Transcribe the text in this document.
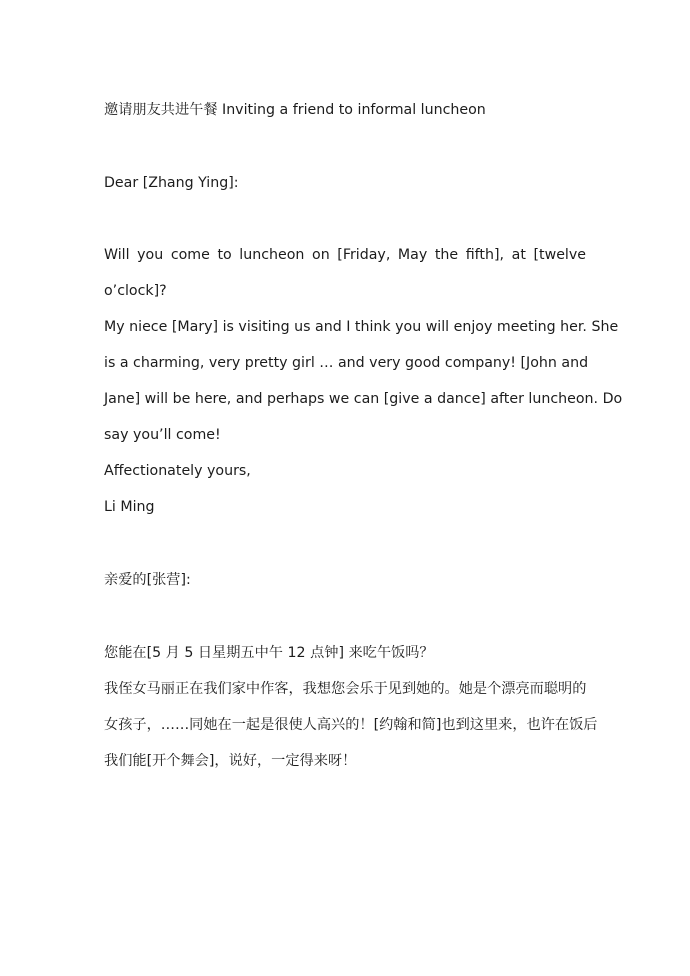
邀请朋友共进午餐 Inviting a friend to informal luncheon

Dear [Zhang Ying]:

Will you come to luncheon on [Friday, May the fifth], at [twelve

o’clock]?

My niece [Mary] is visiting us and I think you will enjoy meeting her. She

is a charming, very pretty girl … and very good company! [John and

Jane] will be here, and perhaps we can [give a dance] after luncheon. Do

say you’ll come!

Affectionately yours,

Li Ming

亲爱的[张营]:

您能在[5 月 5 日星期五中午 12 点钟] 来吃午饭吗？

我侄女马丽正在我们家中作客，我想您会乐于见到她的。她是个漂亮而聪明的

女孩子，……同她在一起是很使人高兴的！[约翰和简]也到这里来，也许在饭后

我们能[开个舞会]，说好，一定得来呀！
